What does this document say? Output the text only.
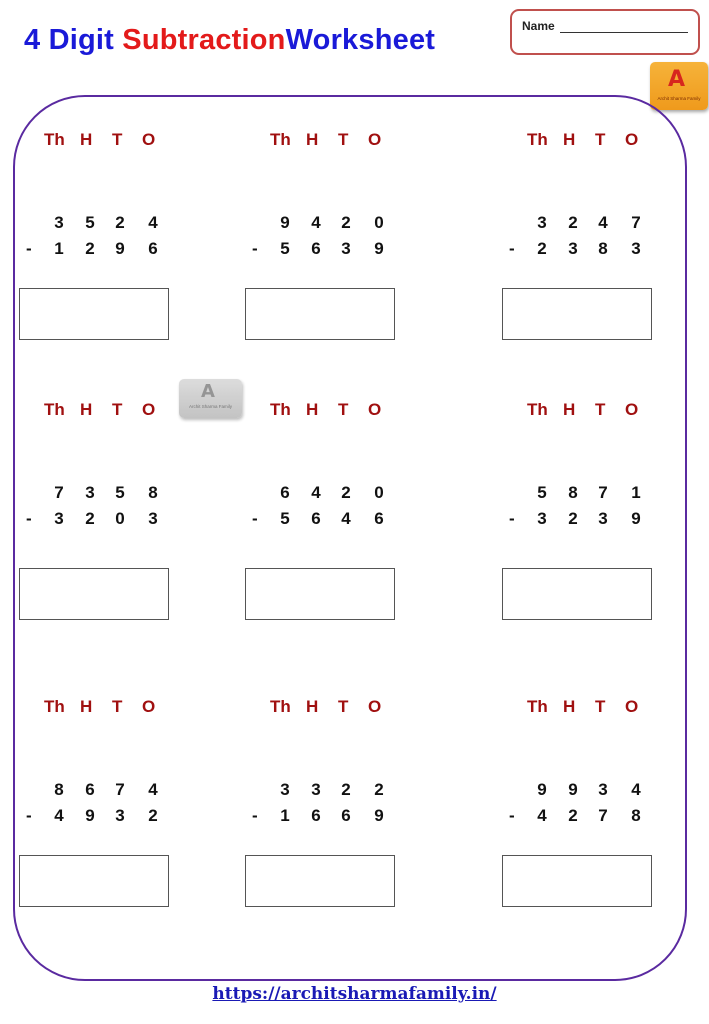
4 Digit SubtractionWorksheet	Name
A
Archit Sharma Family
A
Archit Sharma Family
Th H T O
3	5	2	4
-	1	2	9	6
Th H T O
9	4	2	0
-	5	6	3	9
Th H T O
3	2	4	7
-	2	3	8	3
Th H T O
7	3	5	8
-	3	2	0	3
Th H T O
6	4	2	0
-	5	6	4	6
Th H T O
5	8	7	1
-	3	2	3	9
Th H T O
8	6	7	4
-	4	9	3	2
Th H T O
3	3	2	2
-	1	6	6	9
Th H T O
9	9	3	4
-	4	2	7	8
https://architsharmafamily.in/
